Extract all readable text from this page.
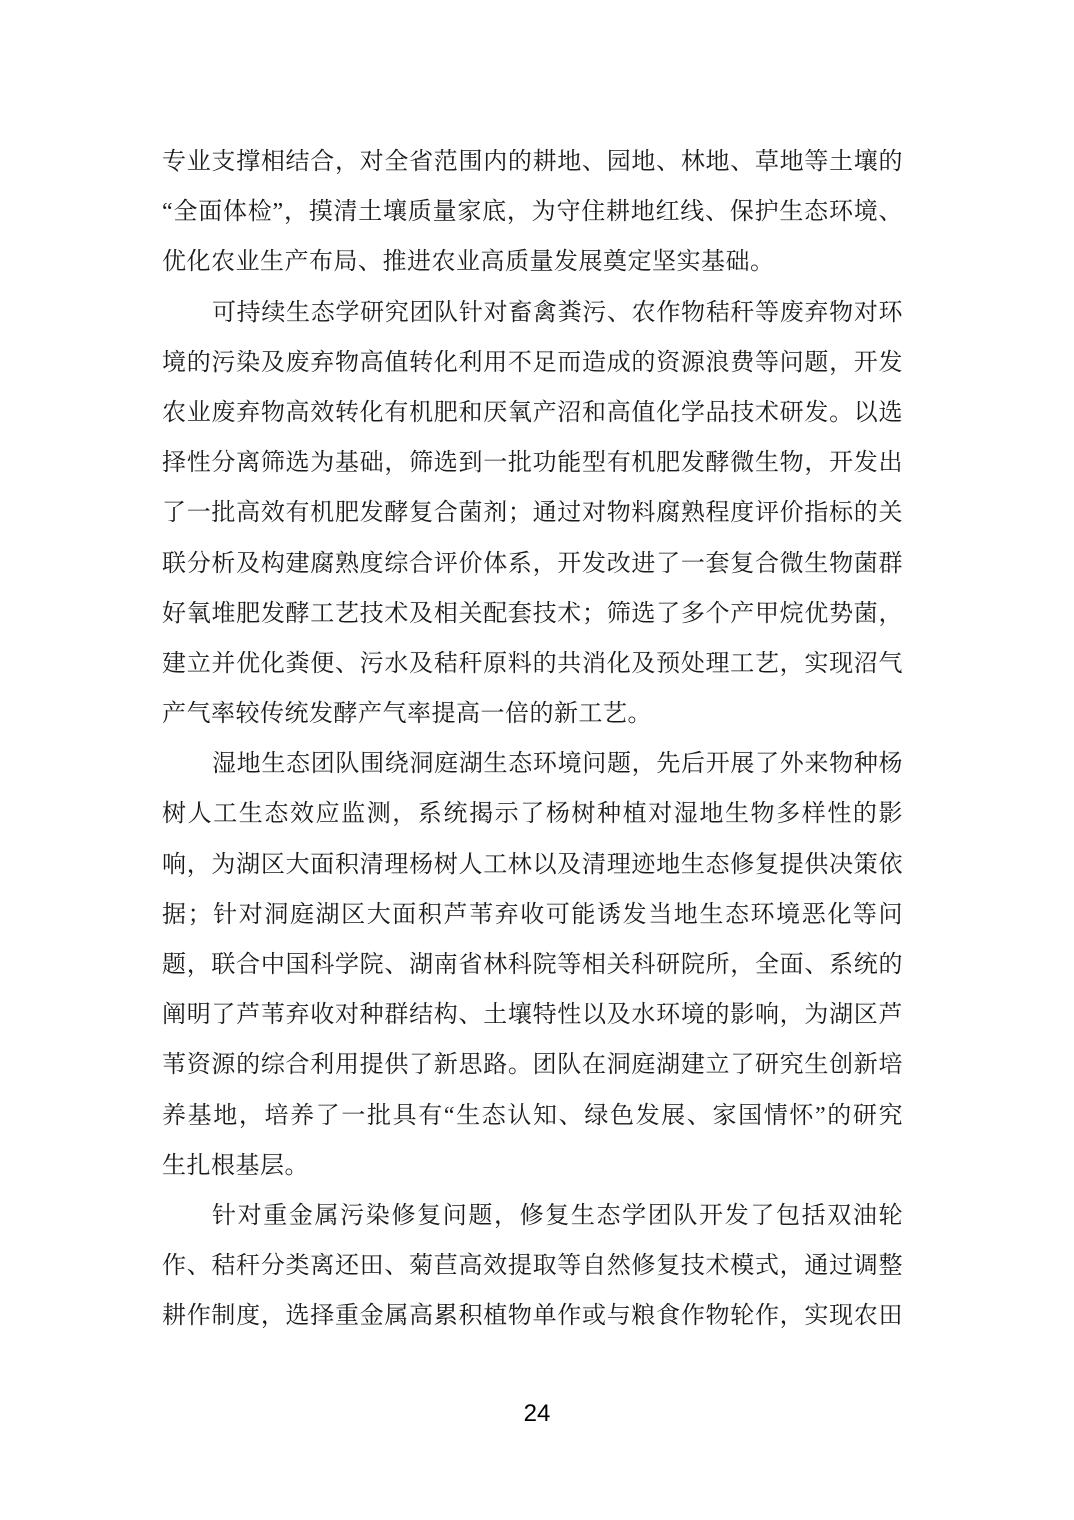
专业支撑相结合，对全省范围内的耕地、园地、林地、草地等土壤的
“全面体检”，摸清土壤质量家底，为守住耕地红线、保护生态环境、
优化农业生产布局、推进农业高质量发展奠定坚实基础。
可持续生态学研究团队针对畜禽粪污、农作物秸秆等废弃物对环
境的污染及废弃物高值转化利用不足而造成的资源浪费等问题，开发
农业废弃物高效转化有机肥和厌氧产沼和高值化学品技术研发。以选
择性分离筛选为基础，筛选到一批功能型有机肥发酵微生物，开发出
了一批高效有机肥发酵复合菌剂；通过对物料腐熟程度评价指标的关
联分析及构建腐熟度综合评价体系，开发改进了一套复合微生物菌群
好氧堆肥发酵工艺技术及相关配套技术；筛选了多个产甲烷优势菌，
建立并优化粪便、污水及秸秆原料的共消化及预处理工艺，实现沼气
产气率较传统发酵产气率提高一倍的新工艺。
湿地生态团队围绕洞庭湖生态环境问题，先后开展了外来物种杨
树人工生态效应监测，系统揭示了杨树种植对湿地生物多样性的影
响，为湖区大面积清理杨树人工林以及清理迹地生态修复提供决策依
据；针对洞庭湖区大面积芦苇弃收可能诱发当地生态环境恶化等问
题，联合中国科学院、湖南省林科院等相关科研院所，全面、系统的
阐明了芦苇弃收对种群结构、土壤特性以及水环境的影响，为湖区芦
苇资源的综合利用提供了新思路。团队在洞庭湖建立了研究生创新培
养基地，培养了一批具有“生态认知、绿色发展、家国情怀”的研究
生扎根基层。
针对重金属污染修复问题，修复生态学团队开发了包括双油轮
作、秸秆分类离还田、菊苣高效提取等自然修复技术模式，通过调整
耕作制度，选择重金属高累积植物单作或与粮食作物轮作，实现农田
24
